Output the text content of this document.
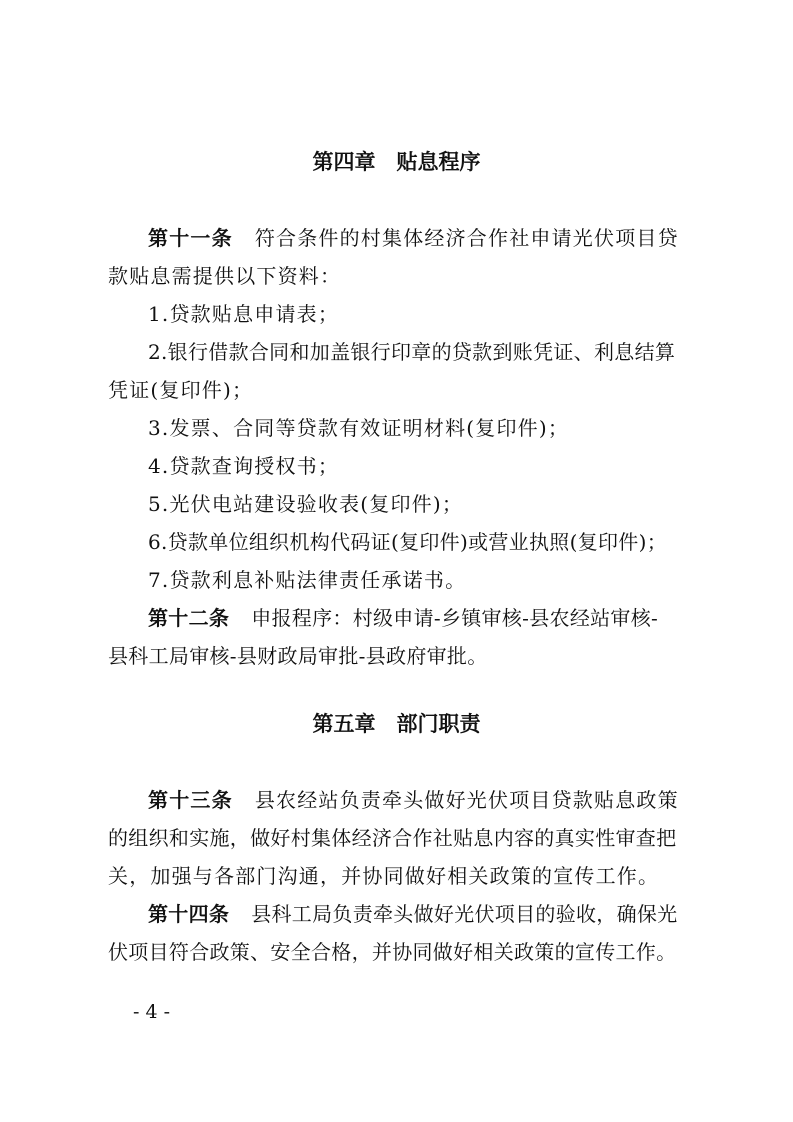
第四章　贴息程序
第十一条 符合条件的村集体经济合作社申请光伏项目贷
款贴息需提供以下资料：
1.贷款贴息申请表；
2.银行借款合同和加盖银行印章的贷款到账凭证、利息结算
凭证(复印件)；
3.发票、合同等贷款有效证明材料(复印件)；
4.贷款查询授权书；
5.光伏电站建设验收表(复印件)；
6.贷款单位组织机构代码证(复印件)或营业执照(复印件)；
7.贷款利息补贴法律责任承诺书。
第十二条 申报程序：村级申请-乡镇审核-县农经站审核-
县科工局审核-县财政局审批-县政府审批。
第五章　部门职责
第十三条 县农经站负责牵头做好光伏项目贷款贴息政策
的组织和实施，做好村集体经济合作社贴息内容的真实性审查把
关，加强与各部门沟通，并协同做好相关政策的宣传工作。
第十四条 县科工局负责牵头做好光伏项目的验收，确保光
伏项目符合政策、安全合格，并协同做好相关政策的宣传工作。
- 4 -
